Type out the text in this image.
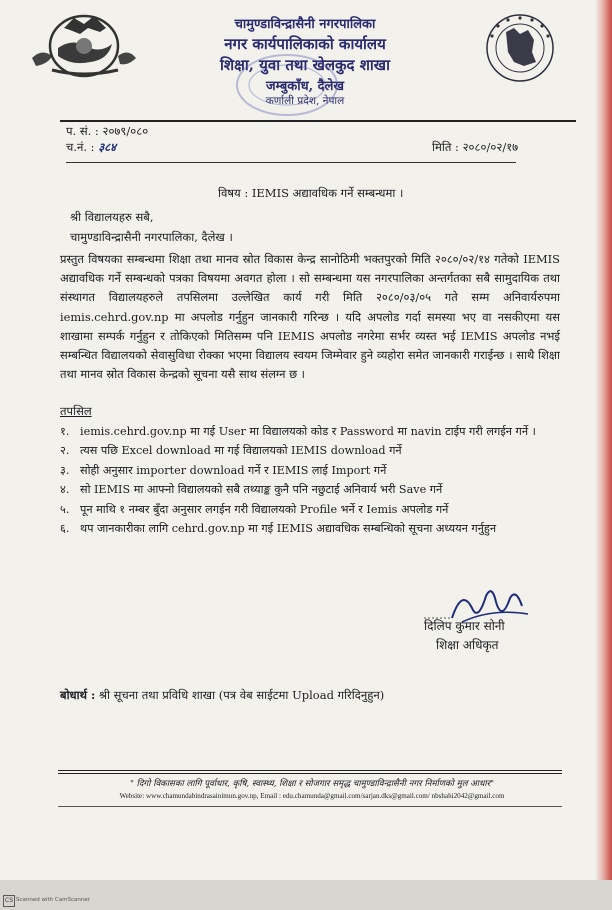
चामुण्डाविन्द्रासैनी नगरपालिका
नगर कार्यपालिकाको कार्यालय
शिक्षा, युवा तथा खेलकुद शाखा
जम्बुकाँध, दैलेख
कर्णाली प्रदेश, नेपाल
प. सं. : २०७९/०८०
च.नं. : ३८४	मिति : २०८०/०२/१७
विषय : IEMIS अद्यावधिक गर्ने सम्बन्धमा ।
श्री विद्यालयहरु सबै,
चामुण्डाविन्द्रासैनी नगरपालिका, दैलेख ।
प्रस्तुत विषयका सम्बन्धमा शिक्षा तथा मानव स्रोत विकास केन्द्र सानोठिमी भक्तपुरको मिति २०८०/०२/१४ गतेको IEMIS अद्यावधिक गर्ने सम्बन्धको पत्रका विषयमा अवगत होला । सो सम्बन्धमा यस नगरपालिका अन्तर्गतका सबै सामुदायिक तथा संस्थागत विद्यालयहरुले तपसिलमा उल्लेखित कार्य गरी मिति २०८०/०३/०५ गते सम्म अनिवार्यरुपमा iemis.cehrd.gov.np मा अपलोड गर्नुहुन जानकारी गरिन्छ । यदि अपलोड गर्दा समस्या भए वा नसकीएमा यस शाखामा सम्पर्क गर्नुहुन र तोकिएको मितिसम्म पनि IEMIS अपलोड नगरेमा सर्भर व्यस्त भई IEMIS अपलोड नभई सम्बन्धित विद्यालयको सेवासुविधा रोक्का भएमा विद्यालय स्वयम जिम्मेवार हुने व्यहोरा समेत जानकारी गराईन्छ । साथै शिक्षा तथा मानव स्रोत विकास केन्द्रको सूचना यसै साथ संलग्न छ ।
तपसिल
१. iemis.cehrd.gov.np मा गई User मा विद्यालयको कोड र Password मा navin टाईप गरी लगईन गर्ने ।
२. त्यस पछि Excel download मा गई विद्यालयको IEMIS download गर्ने
३. सोही अनुसार importer download गर्ने र IEMIS लाई Import गर्ने
४. सो IEMIS मा आफ्नो विद्यालयको सबै तथ्याङ्क कुनै पनि नछुटाई अनिवार्य भरी Save गर्ने
५. पून माथि १ नम्बर बुँदा अनुसार लगईन गरी विद्यालयको Profile भर्ने र Iemis अपलोड गर्ने
६. थप जानकारीका लागि cehrd.gov.np मा गई IEMIS अद्यावधिक सम्बन्धिको सूचना अध्ययन गर्नुहुन
दिलिप कुमार सोनी
शिक्षा अधिकृत
बोधार्थ : श्री सूचना तथा प्रविधि शाखा (पत्र वेब साईटमा Upload गरिदिनुहुन)
" दिगो विकासका लागि पूर्वाधार, कृषि, स्वास्थ्य, शिक्षा र सोजगार समृद्ध चामुण्डाविन्द्रासैनी नगर निर्माणको मुल आधार"
Website: www.chamundabindrasainimun.gov.np, Email : edu.chamunda@gmail.com/sarjan.dks@gmail.com/ nbshahi2042@gmail.com
CS Scanned with CamScanner
